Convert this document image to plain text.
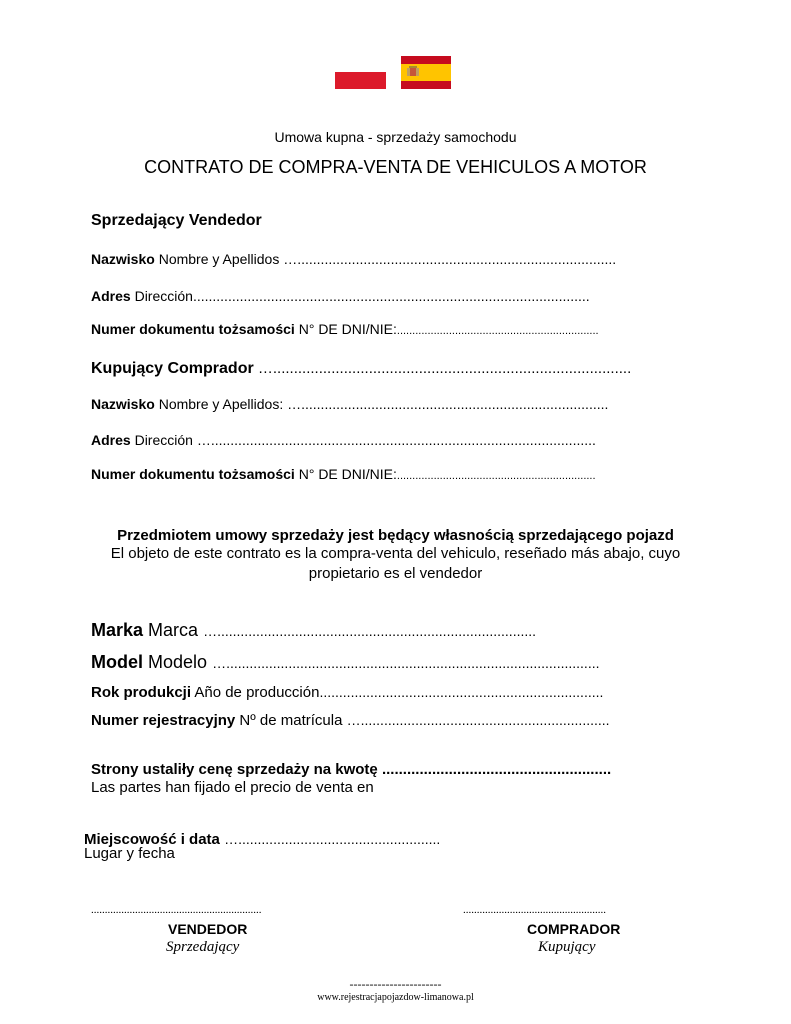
Umowa kupna - sprzedaży samochodu
CONTRATO DE COMPRA-VENTA DE VEHICULOS A MOTOR
Sprzedający Vendedor
Nazwisko Nombre y Apellidos …..................................................................................
Adres Dirección......................................................................................................
Numer dokumentu tożsamości N° DE DNI/NIE:..................................................................
Kupujący Comprador …......................................................................................
Nazwisko Nombre y Apellidos: …...............................................................................
Adres Dirección …...................................................................................................
Numer dokumentu tożsamości N° DE DNI/NIE:.................................................................
Przedmiotem umowy sprzedaży jest będący własnością sprzedającego pojazd
El objeto de este contrato es la compra-venta del vehiculo, reseñado más abajo, cuyo
propietario es el vendedor
Marka Marca …..................................................................................
Model Modelo …................................................................................................
Rok produkcji Año de producción.........................................................................
Numer rejestracyjny Nº de matrícula …................................................................
Strony ustaliły cenę sprzedaży na kwotę .......................................................
Las partes han fijado el precio de venta en
Miejscowość i data …....................................................
Lugar y fecha
..............................................................
VENDEDOR
Sprzedający
....................................................
COMPRADOR
Kupujący
-----------------------
www.rejestracjapojazdow-limanowa.pl
